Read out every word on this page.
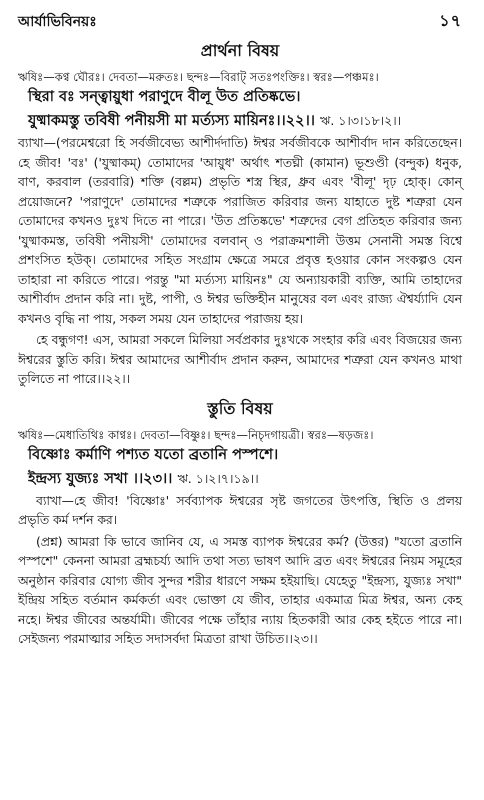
আর্যাভিবিনয়ঃ	১৭
প্রার্থনা বিষয়
ঋষিঃ—কণ্ব ঘৌরঃ। দেবতা—মরুতঃ। ছন্দঃ—বিরাট্‌ সতঃপংক্তিঃ। স্বরঃ—পঞ্চমঃ।
স্থিরা বঃ সন্ত্বায়ুধা পরাণুদে বীলূ উত প্রতিষ্কভে।
যুষ্মাকমস্তু তবিষী পনীয়সী মা মর্ত্যস্য মায়িনঃ।।২২।। ঋ. ১।৩।১৮।২।।

ব্যাখা—(পরমেশ্বরো হি সর্বজীবেভ্য আশীর্দদাতি) ঈশ্বর সর্বজীবকে আশীর্বাদ দান করিতেছেন। হে জীব! 'বঃ' ('যুষ্মাকম্) তোমাদের 'আয়ুধ' অর্থাৎ শতঘ্নী (কামান) ভূশুণ্ডী (বন্দুক) ধনুক, বাণ, করবাল (তরবারি) শক্তি (বল্লম) প্রভৃতি শস্ত্র স্থির, ধ্রুব এবং 'বীলূ' দৃঢ় হোক্‌। কোন্ প্রয়োজনে? 'পরাণুদে' তোমাদের শত্রুকে পরাজিত করিবার জন্য যাহাতে দুষ্ট শত্রুরা যেন তোমাদের কখনও দুঃখ দিতে না পারে। 'উত প্রতিষ্কভে' শত্রুদের বেগ প্রতিহত করিবার জন্য 'যুষ্মাকমস্ত, তবিষী পনীয়সী' তোমাদের বলবান্ ও পরাক্রমশালী উত্তম সেনানী সমস্ত বিশ্বে প্রশংসিত হউক্‌। তোমাদের সহিত সংগ্রাম ক্ষেত্রে সমরে প্রবৃত্ত হওয়ার কোন সংকল্পও যেন তাহারা না করিতে পারে। পরন্তু "মা মর্ত্যস্য মায়িনঃ" যে অন্যায়কারী ব্যক্তি, আমি তাহাদের আশীর্বাদ প্রদান করি না। দুষ্ট, পাপী, ও ঈশ্বর ভক্তিহীন মানুষের বল এবং রাজ্য ঐশ্বর্য্যাদি যেন কখনও বৃদ্ধি না পায়, সকল সময় যেন তাহাদের পরাজয় হয়।

হে বন্ধুগণ! এস, আমরা সকলে মিলিয়া সর্বপ্রকার দুঃখকে সংহার করি এবং বিজয়ের জন্য ঈশ্বরের স্তুতি করি। ঈশ্বর আমাদের আশীর্বাদ প্রদান করুন, আমাদের শত্রুরা যেন কখনও মাথা তুলিতে না পারে।।২২।।

স্তুতি বিষয়
ঋষিঃ—মেধাতিথিঃ কাণ্বঃ। দেবতা—বিষ্ণুঃ। ছন্দঃ—নিচৃদগায়ত্রী। স্বরঃ—ষড়জঃ।
বিষ্ণোঃ কর্মাণি পশ্যত যতো ব্রতানি পস্পশে।
ইন্দ্রস্য যুজ্যঃ সখা ।।২৩।। ঋ. ১।২।৭।১৯।।

ব্যাখা—হে জীব! 'বিষ্ণোঃ' সর্বব্যাপক ঈশ্বরের সৃষ্ট জগতের উৎপত্তি, স্থিতি ও প্রলয় প্রভৃতি কর্ম দর্শন কর।

(প্রশ্ন) আমরা কি ভাবে জানিব যে, এ সমস্ত ব্যাপক ঈশ্বরের কর্ম? (উত্তর) "যতো ব্রতানি পস্পশে" কেননা আমরা ব্রহ্মচর্য্য আদি তথা সত্য ভাষণ আদি ব্রত এবং ঈশ্বরের নিয়ম সমূহের অনুষ্ঠান করিবার যোগ্য জীব সুন্দর শরীর ধারণে সক্ষম হইয়াছি। যেহেতু "ইন্দ্রস্য, যুজ্যঃ সখা" ইন্দ্রিয় সহিত বর্তমান কর্মকর্তা এবং ভোক্তা যে জীব, তাহার একমাত্র মিত্র ঈশ্বর, অন্য কেহ নহে। ঈশ্বর জীবের অন্তর্যামী। জীবের পক্ষে তাঁহার ন্যায় হিতকারী আর কেহ হইতে পারে না। সেইজন্য পরমাত্মার সহিত সদাসর্বদা মিত্রতা রাখা উচিত।।২৩।।
